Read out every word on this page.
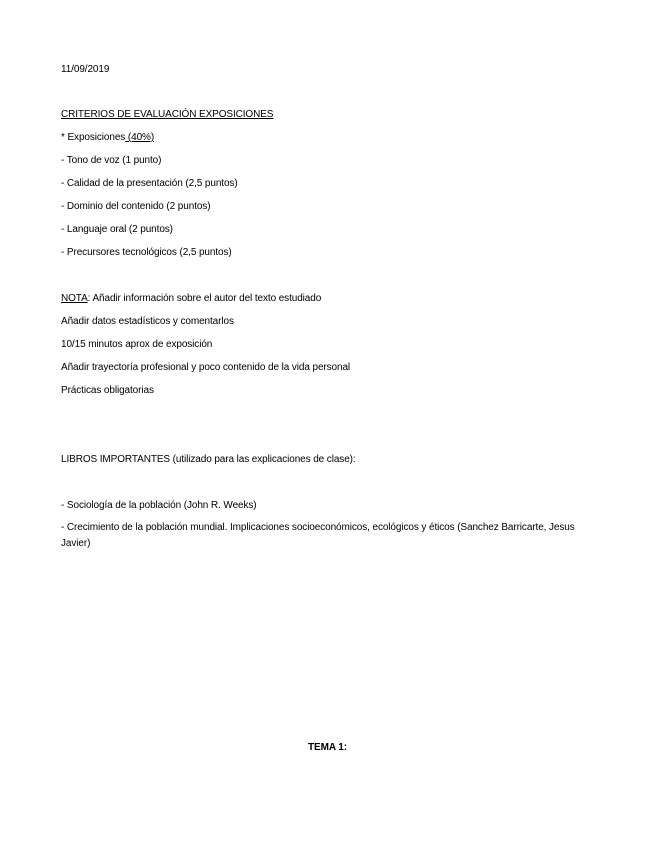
11/09/2019
CRITERIOS DE EVALUACIÓN EXPOSICIONES
* Exposiciones (40%)
- Tono de voz (1 punto)
- Calidad de la presentación (2,5 puntos)
- Dominio del contenido (2 puntos)
- Languaje oral (2 puntos)
- Precursores tecnológicos (2,5 puntos)
NOTA: Añadir información sobre el autor del texto estudiado
Añadir datos estadísticos y comentarlos
10/15 minutos aprox de exposición
Añadir trayectoría profesional y poco contenido de la vida personal
Prácticas obligatorias
LIBROS IMPORTANTES (utilizado para las explicaciones de clase):
- Sociología de la población (John R. Weeks)
- Crecimiento de la población mundial. Implicaciones socioeconómicos, ecológicos y éticos (Sanchez Barricarte, Jesus Javier)
TEMA 1:
